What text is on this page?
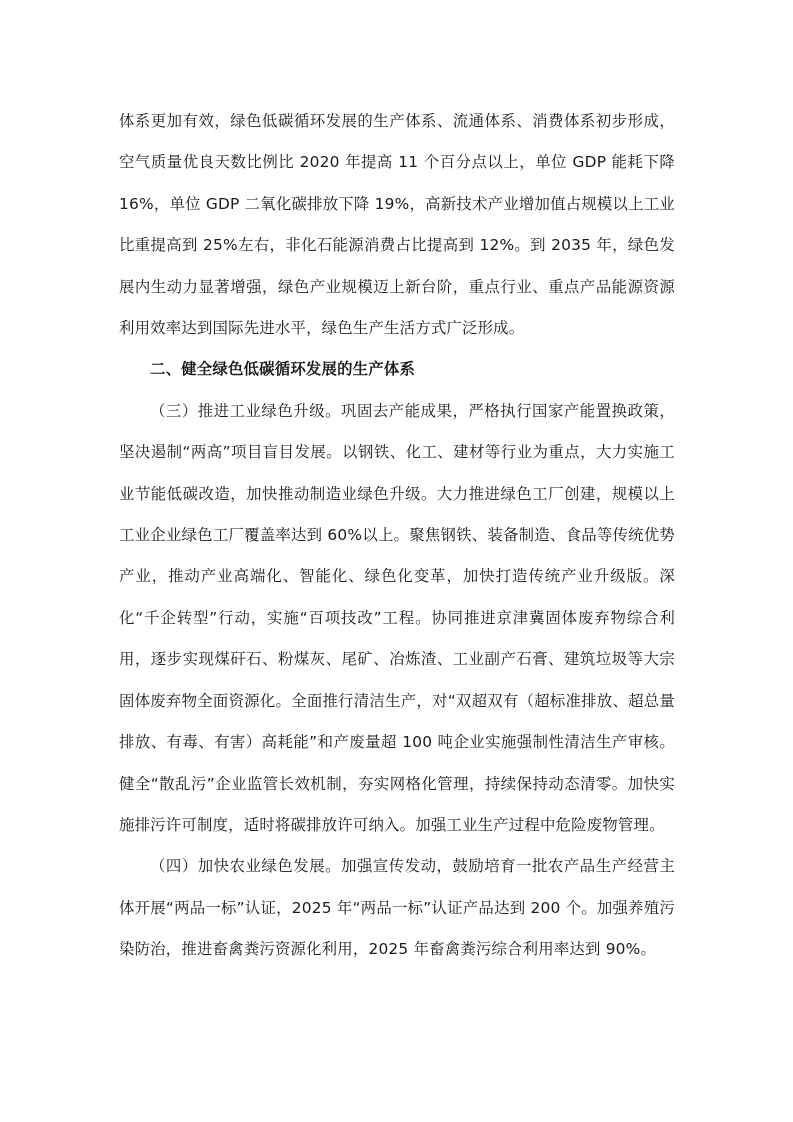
体系更加有效，绿色低碳循环发展的生产体系、流通体系、消费体系初步形成，空气质量优良天数比例比 2020 年提高 11 个百分点以上，单位 GDP 能耗下降 16%，单位 GDP 二氧化碳排放下降 19%，高新技术产业增加值占规模以上工业比重提高到 25%左右，非化石能源消费占比提高到 12%。到 2035 年，绿色发展内生动力显著增强，绿色产业规模迈上新台阶，重点行业、重点产品能源资源利用效率达到国际先进水平，绿色生产生活方式广泛形成。

二、健全绿色低碳循环发展的生产体系

（三）推进工业绿色升级。巩固去产能成果，严格执行国家产能置换政策，坚决遏制“两高”项目盲目发展。以钢铁、化工、建材等行业为重点，大力实施工业节能低碳改造，加快推动制造业绿色升级。大力推进绿色工厂创建，规模以上工业企业绿色工厂覆盖率达到 60%以上。聚焦钢铁、装备制造、食品等传统优势产业，推动产业高端化、智能化、绿色化变革，加快打造传统产业升级版。深化“千企转型”行动，实施“百项技改”工程。协同推进京津冀固体废弃物综合利用，逐步实现煤矸石、粉煤灰、尾矿、冶炼渣、工业副产石膏、建筑垃圾等大宗固体废弃物全面资源化。全面推行清洁生产，对“双超双有（超标准排放、超总量排放、有毒、有害）高耗能”和产废量超 100 吨企业实施强制性清洁生产审核。健全“散乱污”企业监管长效机制，夯实网格化管理，持续保持动态清零。加快实施排污许可制度，适时将碳排放许可纳入。加强工业生产过程中危险废物管理。

（四）加快农业绿色发展。加强宣传发动，鼓励培育一批农产品生产经营主体开展“两品一标”认证，2025 年“两品一标”认证产品达到 200 个。加强养殖污染防治，推进畜禽粪污资源化利用，2025 年畜禽粪污综合利用率达到 90%。
